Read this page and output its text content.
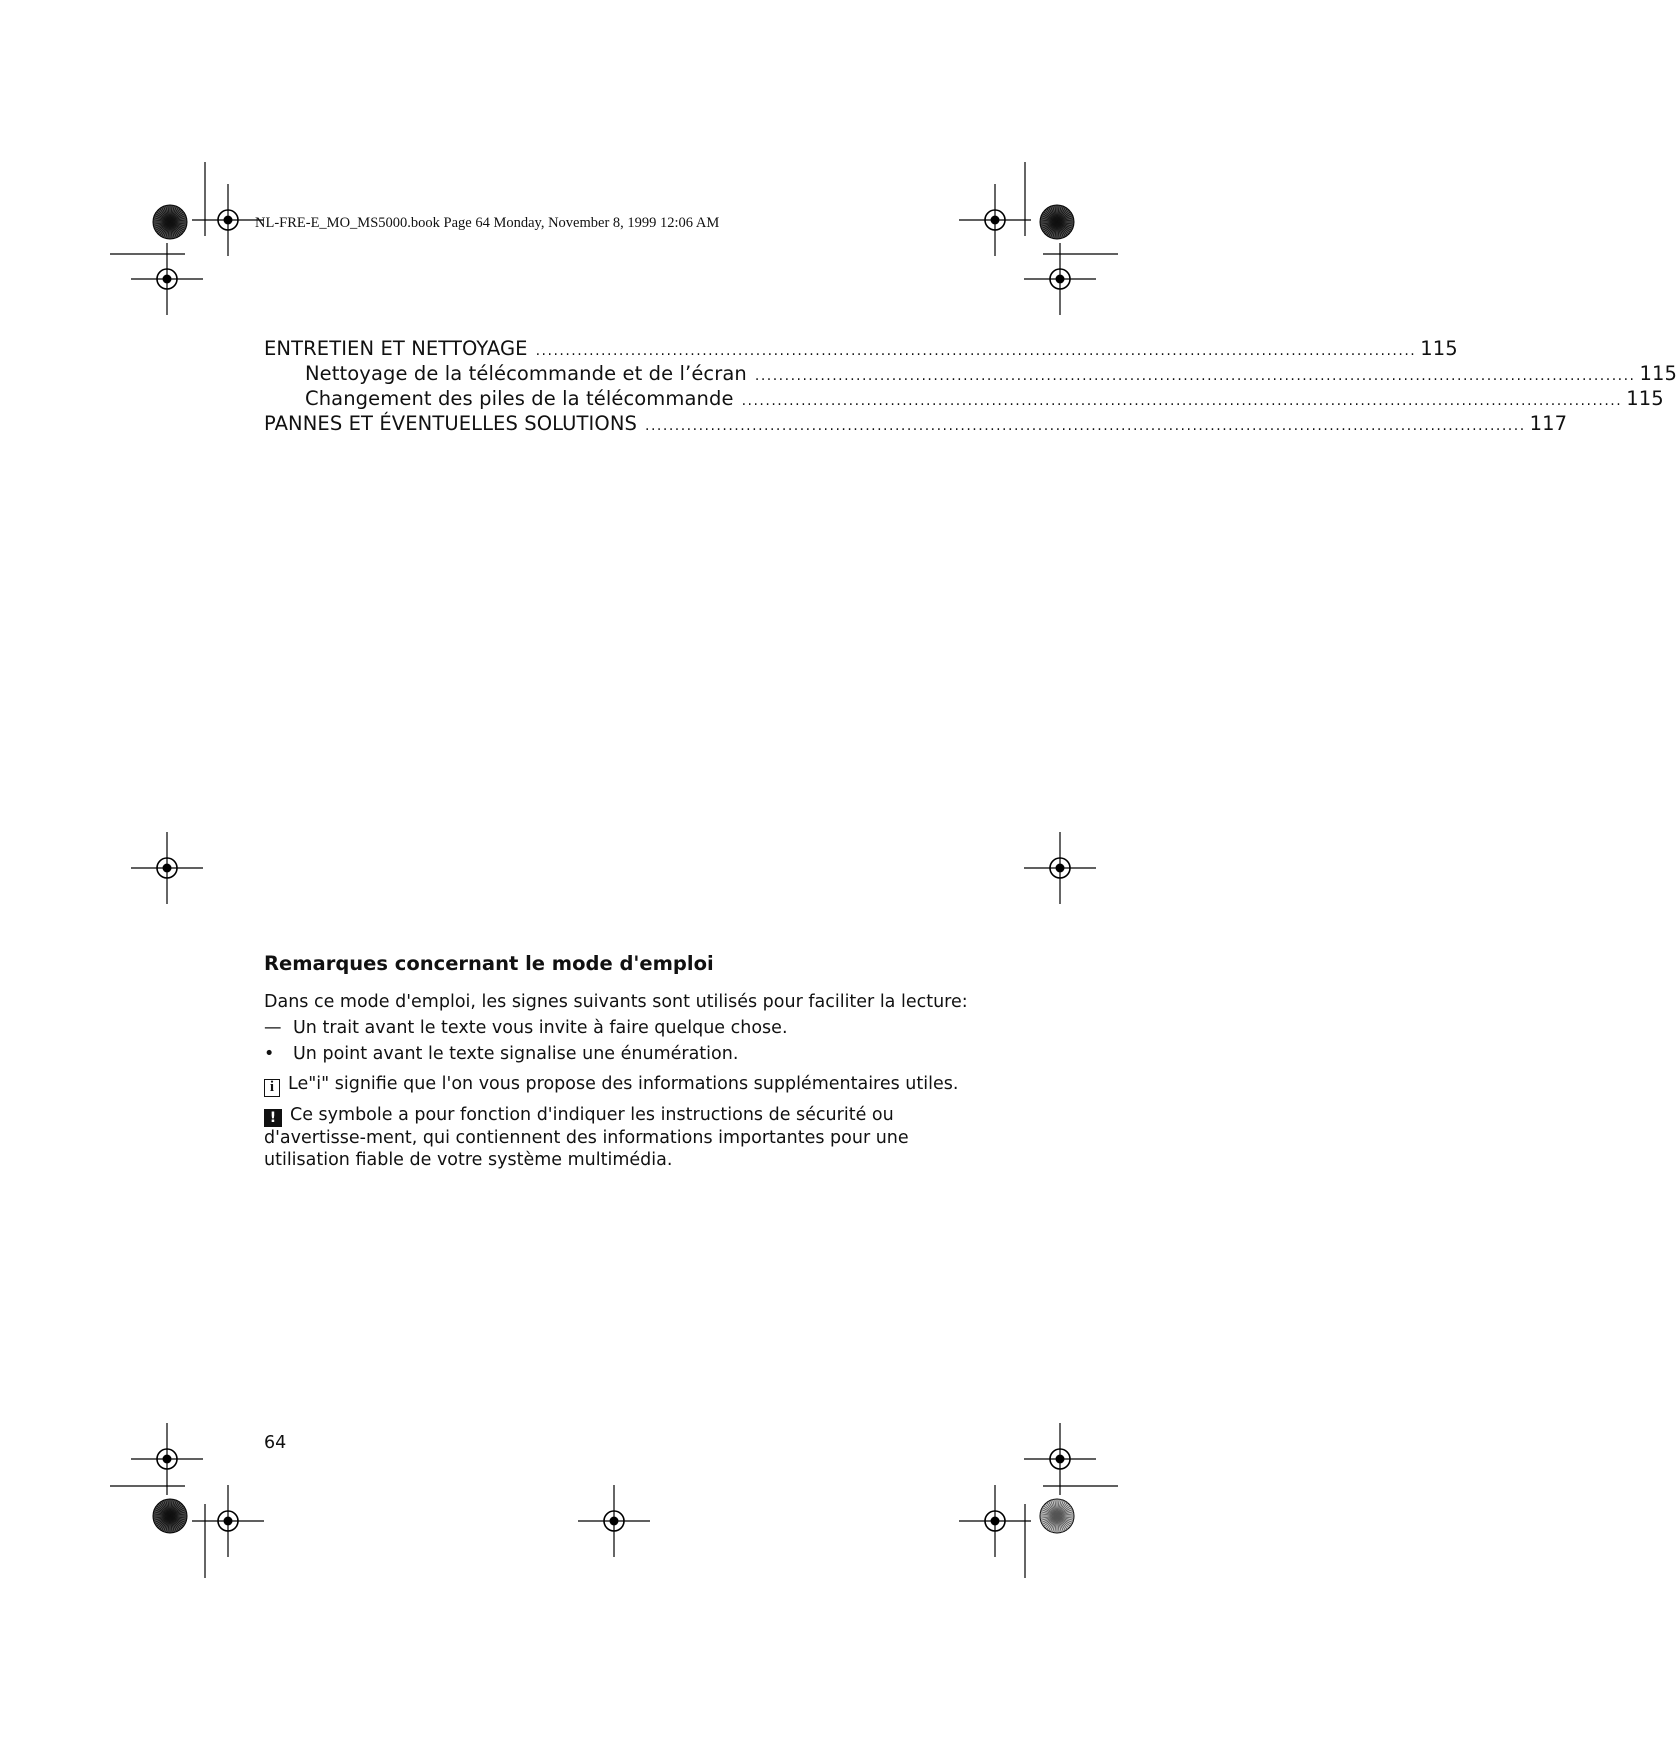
NL-FRE-E_MO_MS5000.book Page 64 Monday, November 8, 1999 12:06 AM

ENTRETIEN ET NETTOYAGE .................................................................................................................................................... 115
Nettoyage de la télécommande et de l’écran .................................................................................................................................................... 115
Changement des piles de la télécommande .................................................................................................................................................... 115
PANNES ET ÉVENTUELLES SOLUTIONS .................................................................................................................................................... 117
Remarques concernant le mode d'emploi

Dans ce mode d'emploi, les signes suivants sont utilisés pour faciliter la lecture:

— Un trait avant le texte vous invite à faire quelque chose.
•	Un point avant le texte signalise une énumération.
i Le"i" signifie que l'on vous propose des informations supplémentaires utiles.
! Ce symbole a pour fonction d'indiquer les instructions de sécurité ou d'avertisse-ment, qui contiennent des informations importantes pour une utilisation fiable de votre système multimédia.

64
